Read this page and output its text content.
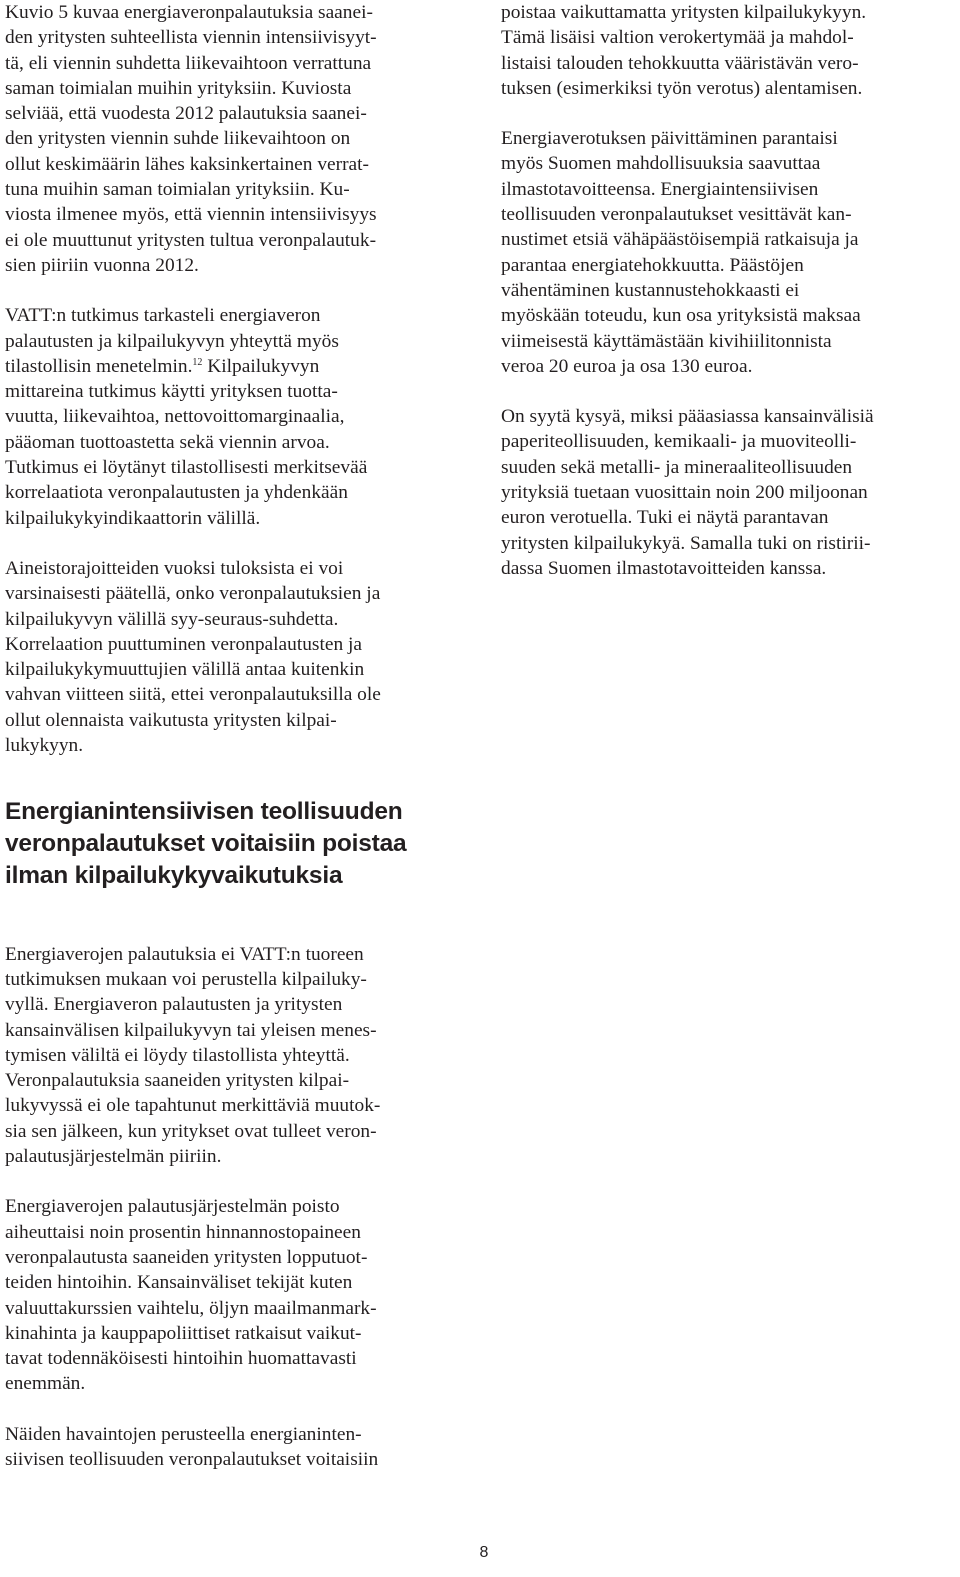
Kuvio 5 kuvaa energiaveronpalautuksia saanei-
den yritysten suhteellista viennin intensiivisyyt-
tä, eli viennin suhdetta liikevaihtoon verrattuna
saman toimialan muihin yrityksiin. Kuviosta
selviää, että vuodesta 2012 palautuksia saanei-
den yritysten viennin suhde liikevaihtoon on
ollut keskimäärin lähes kaksinkertainen verrat-
tuna muihin saman toimialan yrityksiin. Ku-
viosta ilmenee myös, että viennin intensiivisyys
ei ole muuttunut yritysten tultua veronpalautuk-
sien piiriin vuonna 2012.

VATT:n tutkimus tarkasteli energiaveron
palautusten ja kilpailukyvyn yhteyttä myös
tilastollisin menetelmin.$^{12}$ Kilpailukyvyn
mittareina tutkimus käytti yrityksen tuotta-
vuutta, liikevaihtoa, nettovoittomarginaalia,
pääoman tuottoastetta sekä viennin arvoa.
Tutkimus ei löytänyt tilastollisesti merkitsevää
korrelaatiota veronpalautusten ja yhdenkään
kilpailukykyindikaattorin välillä.

Aineistorajoitteiden vuoksi tuloksista ei voi
varsinaisesti päätellä, onko veronpalautuksien ja
kilpailukyvyn välillä syy-seuraus-suhdetta.
Korrelaation puuttuminen veronpalautusten ja
kilpailukykymuuttujien välillä antaa kuitenkin
vahvan viitteen siitä, ettei veronpalautuksilla ole
ollut olennaista vaikutusta yritysten kilpai-
lukykyyn.

Energianintensiivisen teollisuuden
veronpalautukset voitaisiin poistaa
ilman kilpailukykyvaikutuksia

Energiaverojen palautuksia ei VATT:n tuoreen
tutkimuksen mukaan voi perustella kilpailuky-
vyllä. Energiaveron palautusten ja yritysten
kansainvälisen kilpailukyvyn tai yleisen menes-
tymisen väliltä ei löydy tilastollista yhteyttä.
Veronpalautuksia saaneiden yritysten kilpai-
lukyvyssä ei ole tapahtunut merkittäviä muutok-
sia sen jälkeen, kun yritykset ovat tulleet veron-
palautusjärjestelmän piiriin.

Energiaverojen palautusjärjestelmän poisto
aiheuttaisi noin prosentin hinnannostopaineen
veronpalautusta saaneiden yritysten lopputuot-
teiden hintoihin. Kansainväliset tekijät kuten
valuuttakurssien vaihtelu, öljyn maailmanmark-
kinahinta ja kauppapoliittiset ratkaisut vaikut-
tavat todennäköisesti hintoihin huomattavasti
enemmän.

Näiden havaintojen perusteella energianinten-
siivisen teollisuuden veronpalautukset voitaisiin

poistaa vaikuttamatta yritysten kilpailukykyyn.
Tämä lisäisi valtion verokertymää ja mahdol-
listaisi talouden tehokkuutta vääristävän vero-
tuksen (esimerkiksi työn verotus) alentamisen.

Energiaverotuksen päivittäminen parantaisi
myös Suomen mahdollisuuksia saavuttaa
ilmastotavoitteensa. Energiaintensiivisen
teollisuuden veronpalautukset vesittävät kan-
nustimet etsiä vähäpäästöisempiä ratkaisuja ja
parantaa energiatehokkuutta. Päästöjen
vähentäminen kustannustehokkaasti ei
myöskään toteudu, kun osa yrityksistä maksaa
viimeisestä käyttämästään kivihiilitonnista
veroa 20 euroa ja osa 130 euroa.

On syytä kysyä, miksi pääasiassa kansainvälisiä
paperiteollisuuden, kemikaali- ja muoviteolli-
suuden sekä metalli- ja mineraaliteollisuuden
yrityksiä tuetaan vuosittain noin 200 miljoonan
euron verotuella. Tuki ei näytä parantavan
yritysten kilpailukykyä. Samalla tuki on ristirii-
dassa Suomen ilmastotavoitteiden kanssa.

8
